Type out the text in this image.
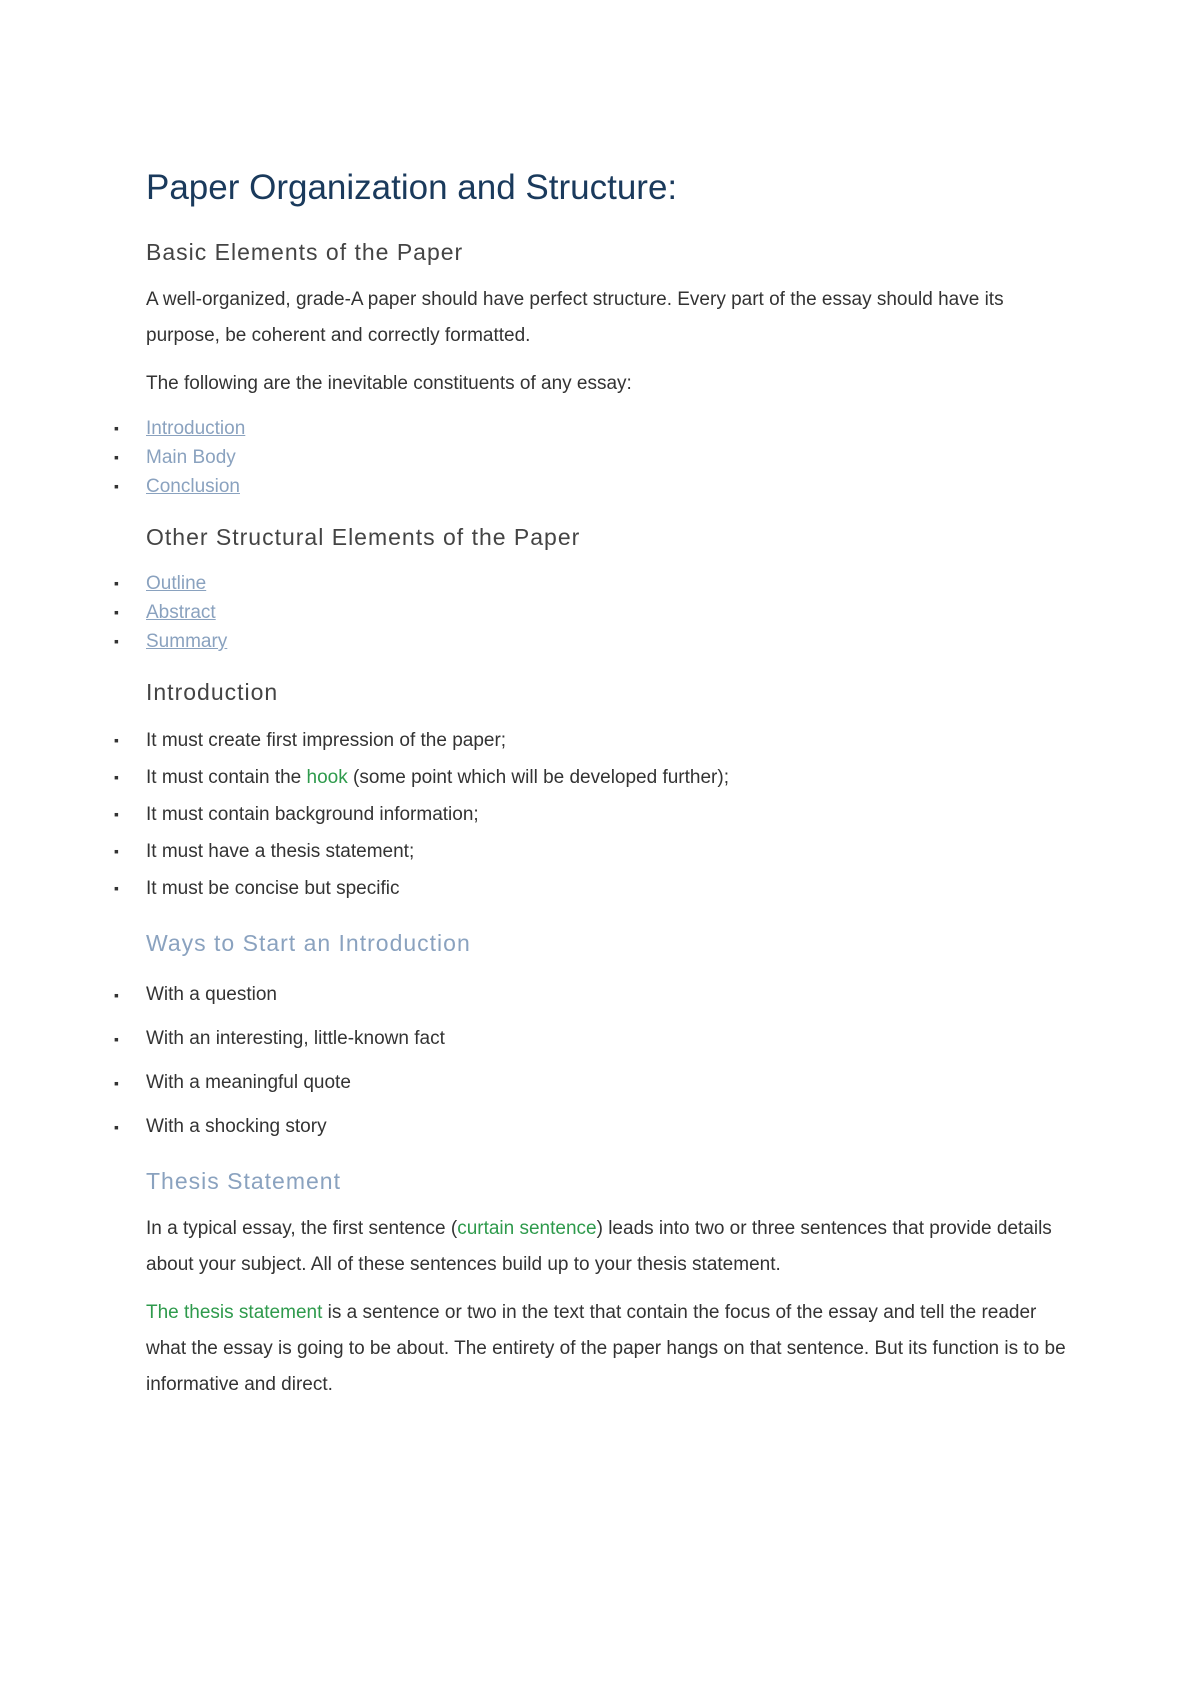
Paper Organization and Structure:
Basic Elements of the Paper

A well-organized, grade-A paper should have perfect structure. Every part of the essay should have its purpose, be coherent and correctly formatted.

The following are the inevitable constituents of any essay:

▪ Introduction
▪ Main Body
▪ Conclusion
Other Structural Elements of the Paper
▪ Outline
▪ Abstract
▪ Summary
Introduction
▪ It must create first impression of the paper;
▪ It must contain the hook (some point which will be developed further);
▪ It must contain background information;
▪ It must have a thesis statement;
▪ It must be concise but specific
Ways to Start an Introduction
▪ With a question
▪ With an interesting, little-known fact
▪ With a meaningful quote
▪ With a shocking story
Thesis Statement

In a typical essay, the first sentence (curtain sentence) leads into two or three sentences that provide details about your subject. All of these sentences build up to your thesis statement.

The thesis statement is a sentence or two in the text that contain the focus of the essay and tell the reader what the essay is going to be about. The entirety of the paper hangs on that sentence. But its function is to be informative and direct.
